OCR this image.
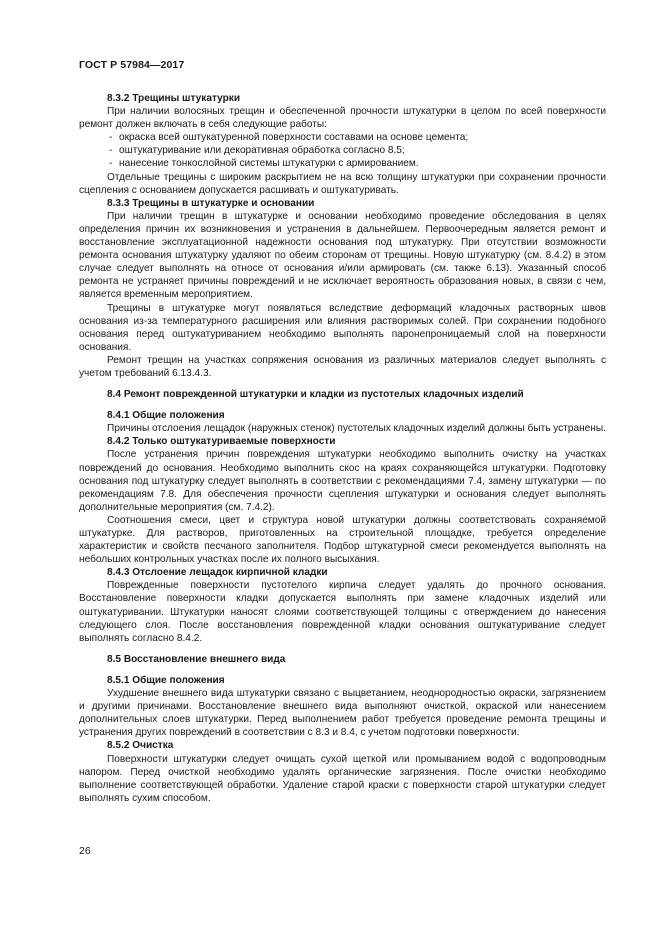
ГОСТ Р 57984—2017
8.3.2 Трещины штукатурки

При наличии волосяных трещин и обеспеченной прочности штукатурки в целом по всей поверхности ремонт должен включать в себя следующие работы:

- окраска всей оштукатуренной поверхности составами на основе цемента;
- оштукатуривание или декоративная обработка согласно 8.5;
- нанесение тонкослойной системы штукатурки с армированием.

Отдельные трещины с широким раскрытием не на всю толщину штукатурки при сохранении прочности сцепления с основанием допускается расшивать и оштукатуривать.

8.3.3 Трещины в штукатурке и основании

При наличии трещин в штукатурке и основании необходимо проведение обследования в целях определения причин их возникновения и устранения в дальнейшем. Первоочередным является ремонт и восстановление эксплуатационной надежности основания под штукатурку. При отсутствии возможности ремонта основания штукатурку удаляют по обеим сторонам от трещины. Новую штукатурку (см. 8.4.2) в этом случае следует выполнять на относе от основания и/или армировать (см. также 6.13). Указанный способ ремонта не устраняет причины повреждений и не исключает вероятность образования новых, в связи с чем, является временным мероприятием.

Трещины в штукатурке могут появляться вследствие деформаций кладочных растворных швов основания из-за температурного расширения или влияния растворимых солей. При сохранении подобного основания перед оштукатуриванием необходимо выполнять паронепроницаемый слой на поверхности основания.

Ремонт трещин на участках сопряжения основания из различных материалов следует выполнять с учетом требований 6.13.4.3.

8.4 Ремонт поврежденной штукатурки и кладки из пустотелых кладочных изделий
8.4.1 Общие положения

Причины отслоения лещадок (наружных стенок) пустотелых кладочных изделий должны быть устранены.

8.4.2 Только оштукатуриваемые поверхности

После устранения причин повреждения штукатурки необходимо выполнить очистку на участках повреждений до основания. Необходимо выполнить скос на краях сохраняющейся штукатурки. Подготовку основания под штукатурку следует выполнять в соответствии с рекомендациями 7.4, замену штукатурки — по рекомендациям 7.8. Для обеспечения прочности сцепления штукатурки и основания следует выполнять дополнительные мероприятия (см. 7.4.2).

Соотношения смеси, цвет и структура новой штукатурки должны соответствовать сохраняемой штукатурке. Для растворов, приготовленных на строительной площадке, требуется определение характеристик и свойств песчаного заполнителя. Подбор штукатурной смеси рекомендуется выполнять на небольших контрольных участках после их полного высыхания.

8.4.3 Отслоение лещадок кирпичной кладки

Поврежденные поверхности пустотелого кирпича следует удалять до прочного основания. Восстановление поверхности кладки допускается выполнять при замене кладочных изделий или оштукатуривании. Штукатурки наносят слоями соответствующей толщины с отверждением до нанесения следующего слоя. После восстановления поврежденной кладки основания оштукатуривание следует выполнять согласно 8.4.2.

8.5 Восстановление внешнего вида
8.5.1 Общие положения

Ухудшение внешнего вида штукатурки связано с выцветанием, неоднородностью окраски, загрязнением и другими причинами. Восстановление внешнего вида выполняют очисткой, окраской или нанесением дополнительных слоев штукатурки. Перед выполнением работ требуется проведение ремонта трещины и устранения других повреждений в соответствии с 8.3 и 8.4, с учетом подготовки поверхности.

8.5.2 Очистка

Поверхности штукатурки следует очищать сухой щеткой или промыванием водой с водопроводным напором. Перед очисткой необходимо удалять органические загрязнения. После очистки необходимо выполнение соответствующей обработки. Удаление старой краски с поверхности старой штукатурки следует выполнять сухим способом.

26
